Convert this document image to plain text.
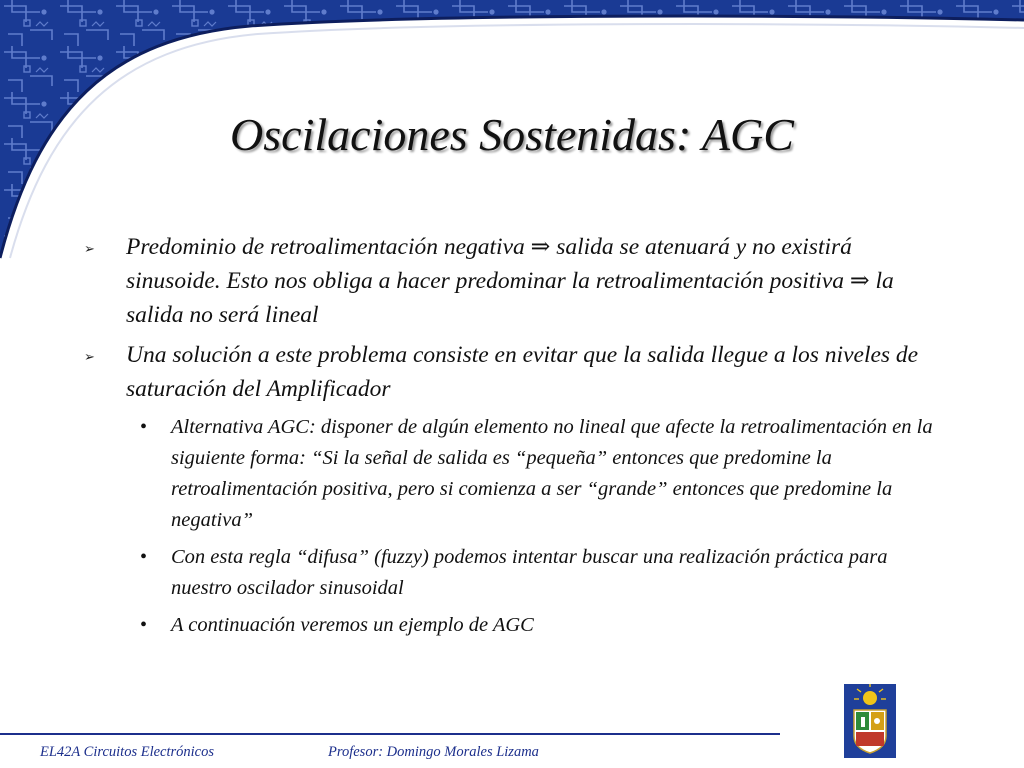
Oscilaciones Sostenidas: AGC
➢ Predominio de retroalimentación negativa ⇒ salida se atenuará y no existirá sinusoide. Esto nos obliga a hacer predominar la retroalimentación positiva ⇒ la salida no será lineal
➢ Una solución a este problema consiste en evitar que la salida llegue a los niveles de saturación del Amplificador
• Alternativa AGC: disponer de algún elemento no lineal que afecte la retroalimentación en la siguiente forma: “Si la señal de salida es “pequeña” entonces que predomine la retroalimentación positiva, pero si comienza a ser “grande” entonces que predomine la negativa”
• Con esta regla “difusa” (fuzzy) podemos intentar buscar una realización práctica para nuestro oscilador sinusoidal
• A continuación veremos un ejemplo de AGC
EL42A Circuitos Electrónicos	Profesor: Domingo Morales Lizama
